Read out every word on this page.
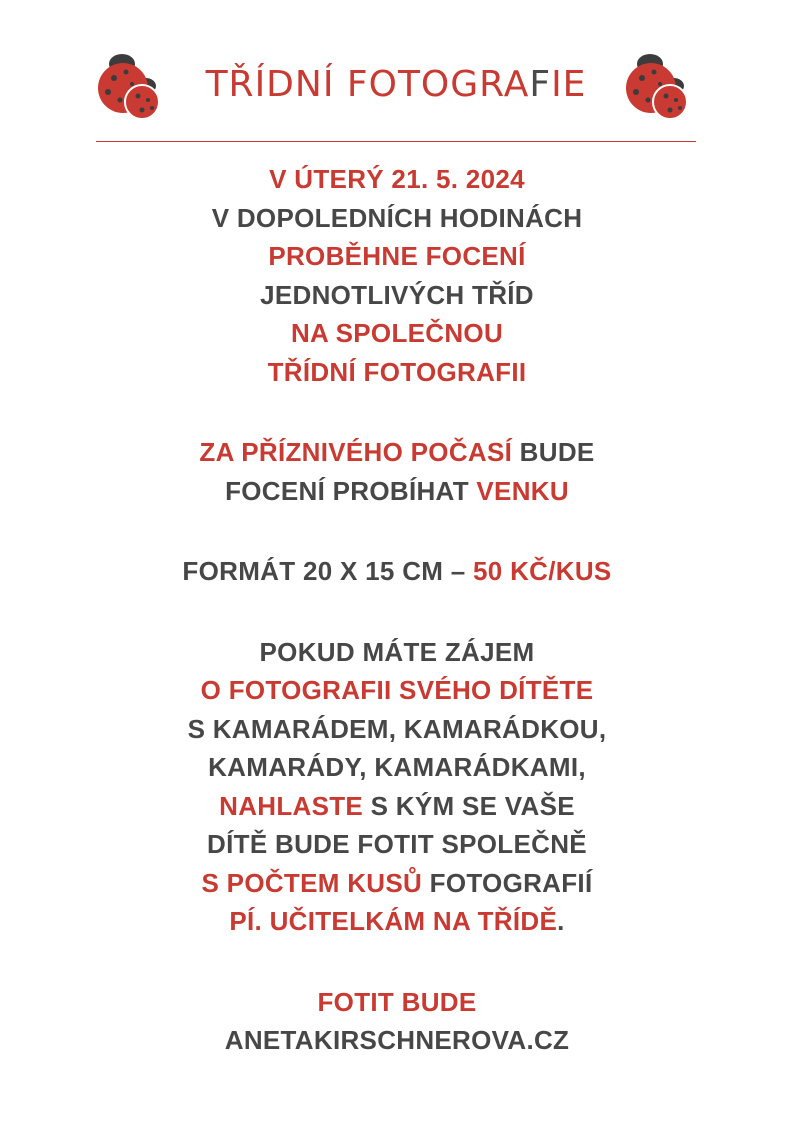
TŘÍDNÍ FOTOGRAFIE
V ÚTERÝ 21. 5. 2024
V DOPOLEDNÍCH HODINÁCH
PROBĚHNE FOCENÍ
JEDNOTLIVÝCH TŘÍD
NA SPOLEČNOU
TŘÍDNÍ FOTOGRAFII
ZA PŘÍZNIVÉHO POČASÍ BUDE
FOCENÍ PROBÍHAT VENKU
FORMÁT 20 X 15 CM – 50 KČ/KUS
POKUD MÁTE ZÁJEM
O FOTOGRAFII SVÉHO DÍTĚTE
S KAMARÁDEM, KAMARÁDKOU,
KAMARÁDY, KAMARÁDKAMI,
NAHLASTE S KÝM SE VAŠE
DÍTĚ BUDE FOTIT SPOLEČNĚ
S POČTEM KUSŮ FOTOGRAFIÍ
PÍ. UČITELKÁM NA TŘÍDĚ.
FOTIT BUDE
ANETAKIRSCHNEROVA.CZ
